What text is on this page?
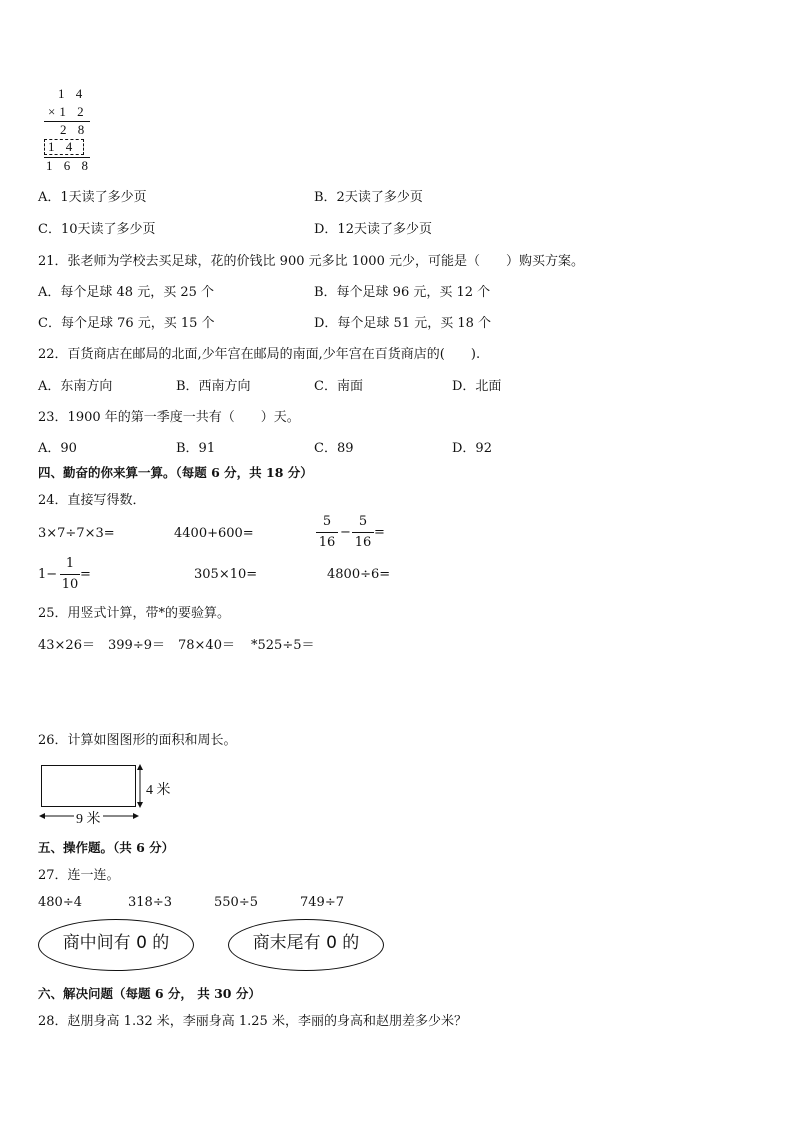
1 4
×1 2
2 8
1 4
1 6 8
A．1天读了多少页	B．2天读了多少页
C．10天读了多少页	D．12天读了多少页
21．张老师为学校去买足球，花的价钱比 900 元多比 1000 元少，可能是（　　）购买方案。
A．每个足球 48 元，买 25 个	B．每个足球 96 元，买 12 个
C．每个足球 76 元，买 15 个	D．每个足球 51 元，买 18 个
22．百货商店在邮局的北面,少年宫在邮局的南面,少年宫在百货商店的(　　).
A．东南方向	B．西南方向	C．南面	D．北面
23．1900 年的第一季度一共有（　　）天。
A．90	B．91	C．89	D．92
四、勤奋的你来算一算。（每题 6 分，共 18 分）
24．直接写得数．
3×7÷7×3=	4400+600=
5
16
−
5
16
=
1−
1
10
=	305×10=	4800÷6=
25．用竖式计算，带*的要验算。
43×26＝ 399÷9＝ 78×40＝ *525÷5＝
26．计算如图图形的面积和周长。
4 米
9 米
五、操作题。（共 6 分）
27．连一连。
480÷4	318÷3	550÷5	749÷7
商中间有 0 的	商末尾有 0 的
六、解决问题（每题 6 分， 共 30 分）
28．赵朋身高 1.32 米，李丽身高 1.25 米，李丽的身高和赵朋差多少米？
